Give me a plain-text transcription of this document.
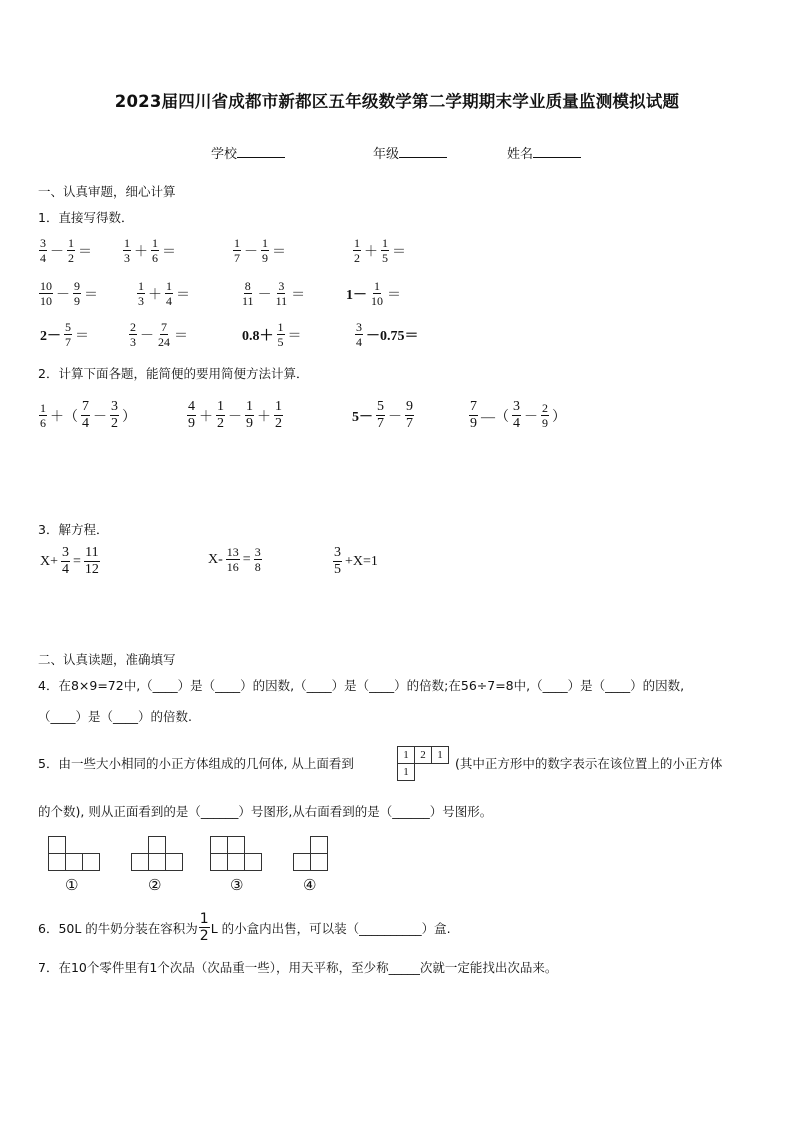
2023届四川省成都市新都区五年级数学第二学期期末学业质量监测模拟试题
学校	年级	姓名
一、认真审题，细心计算
1．直接写得数．
2．计算下面各题，能简便的要用简便方法计算．
3．解方程．
二、认真读题，准确填写
4．在8×9=72中,（____）是（____）的因数,（____）是（____）的倍数;在56÷7=8中,（____）是（____）的因数,
（____）是（____）的倍数.
5．由一些大小相同的小正方体组成的几何体, 从上面看到
1	2	1
1
(其中正方形中的数字表示在该位置上的小正方体
的个数), 则从正面看到的是（______）号图形,从右面看到的是（______）号图形。
①	②	③	④
6．50L 的牛奶分装在容积为 $\frac{1}{2}$ L 的小盒内出售，可以装（__________）盒.
7．在10个零件里有1个次品（次品重一些），用天平称，至少称_____次就一定能找出次品来。
$\frac{3}{4} - \frac{1}{2}$ ＝	$\frac{1}{3} + \frac{1}{6}$ ＝	$\frac{1}{7} - \frac{1}{9}$ ＝	$\frac{1}{2} + \frac{1}{5}$ ＝
$\frac{10}{10} - \frac{9}{9}$ ＝	$\frac{1}{3} + \frac{1}{4}$ ＝	$\frac{8}{11} - \frac{3}{11}$ ＝	$1- \frac{1}{10}$ ＝
$2- \frac{5}{7}$ ＝	$\frac{2}{3} - \frac{7}{24}$ ＝	$0.8+ \frac{1}{5}$ ＝	$\frac{3}{4} -0.75=$
$\frac{1}{6}$ ＋（ $\frac{7}{4} - \frac{3}{2}$ ）	$\frac{4}{9} + \frac{1}{2} - \frac{1}{9} + \frac{1}{2}$	$5- \frac{5}{7} - \frac{9}{7}$	$\frac{7}{9}$ —（ $\frac{3}{4} - \frac{2}{9}$ ）
$X+ \frac{3}{4} = \frac{11}{12}$	$X- \frac{13}{16} = \frac{3}{8}$	$\frac{3}{5} +X=1$
